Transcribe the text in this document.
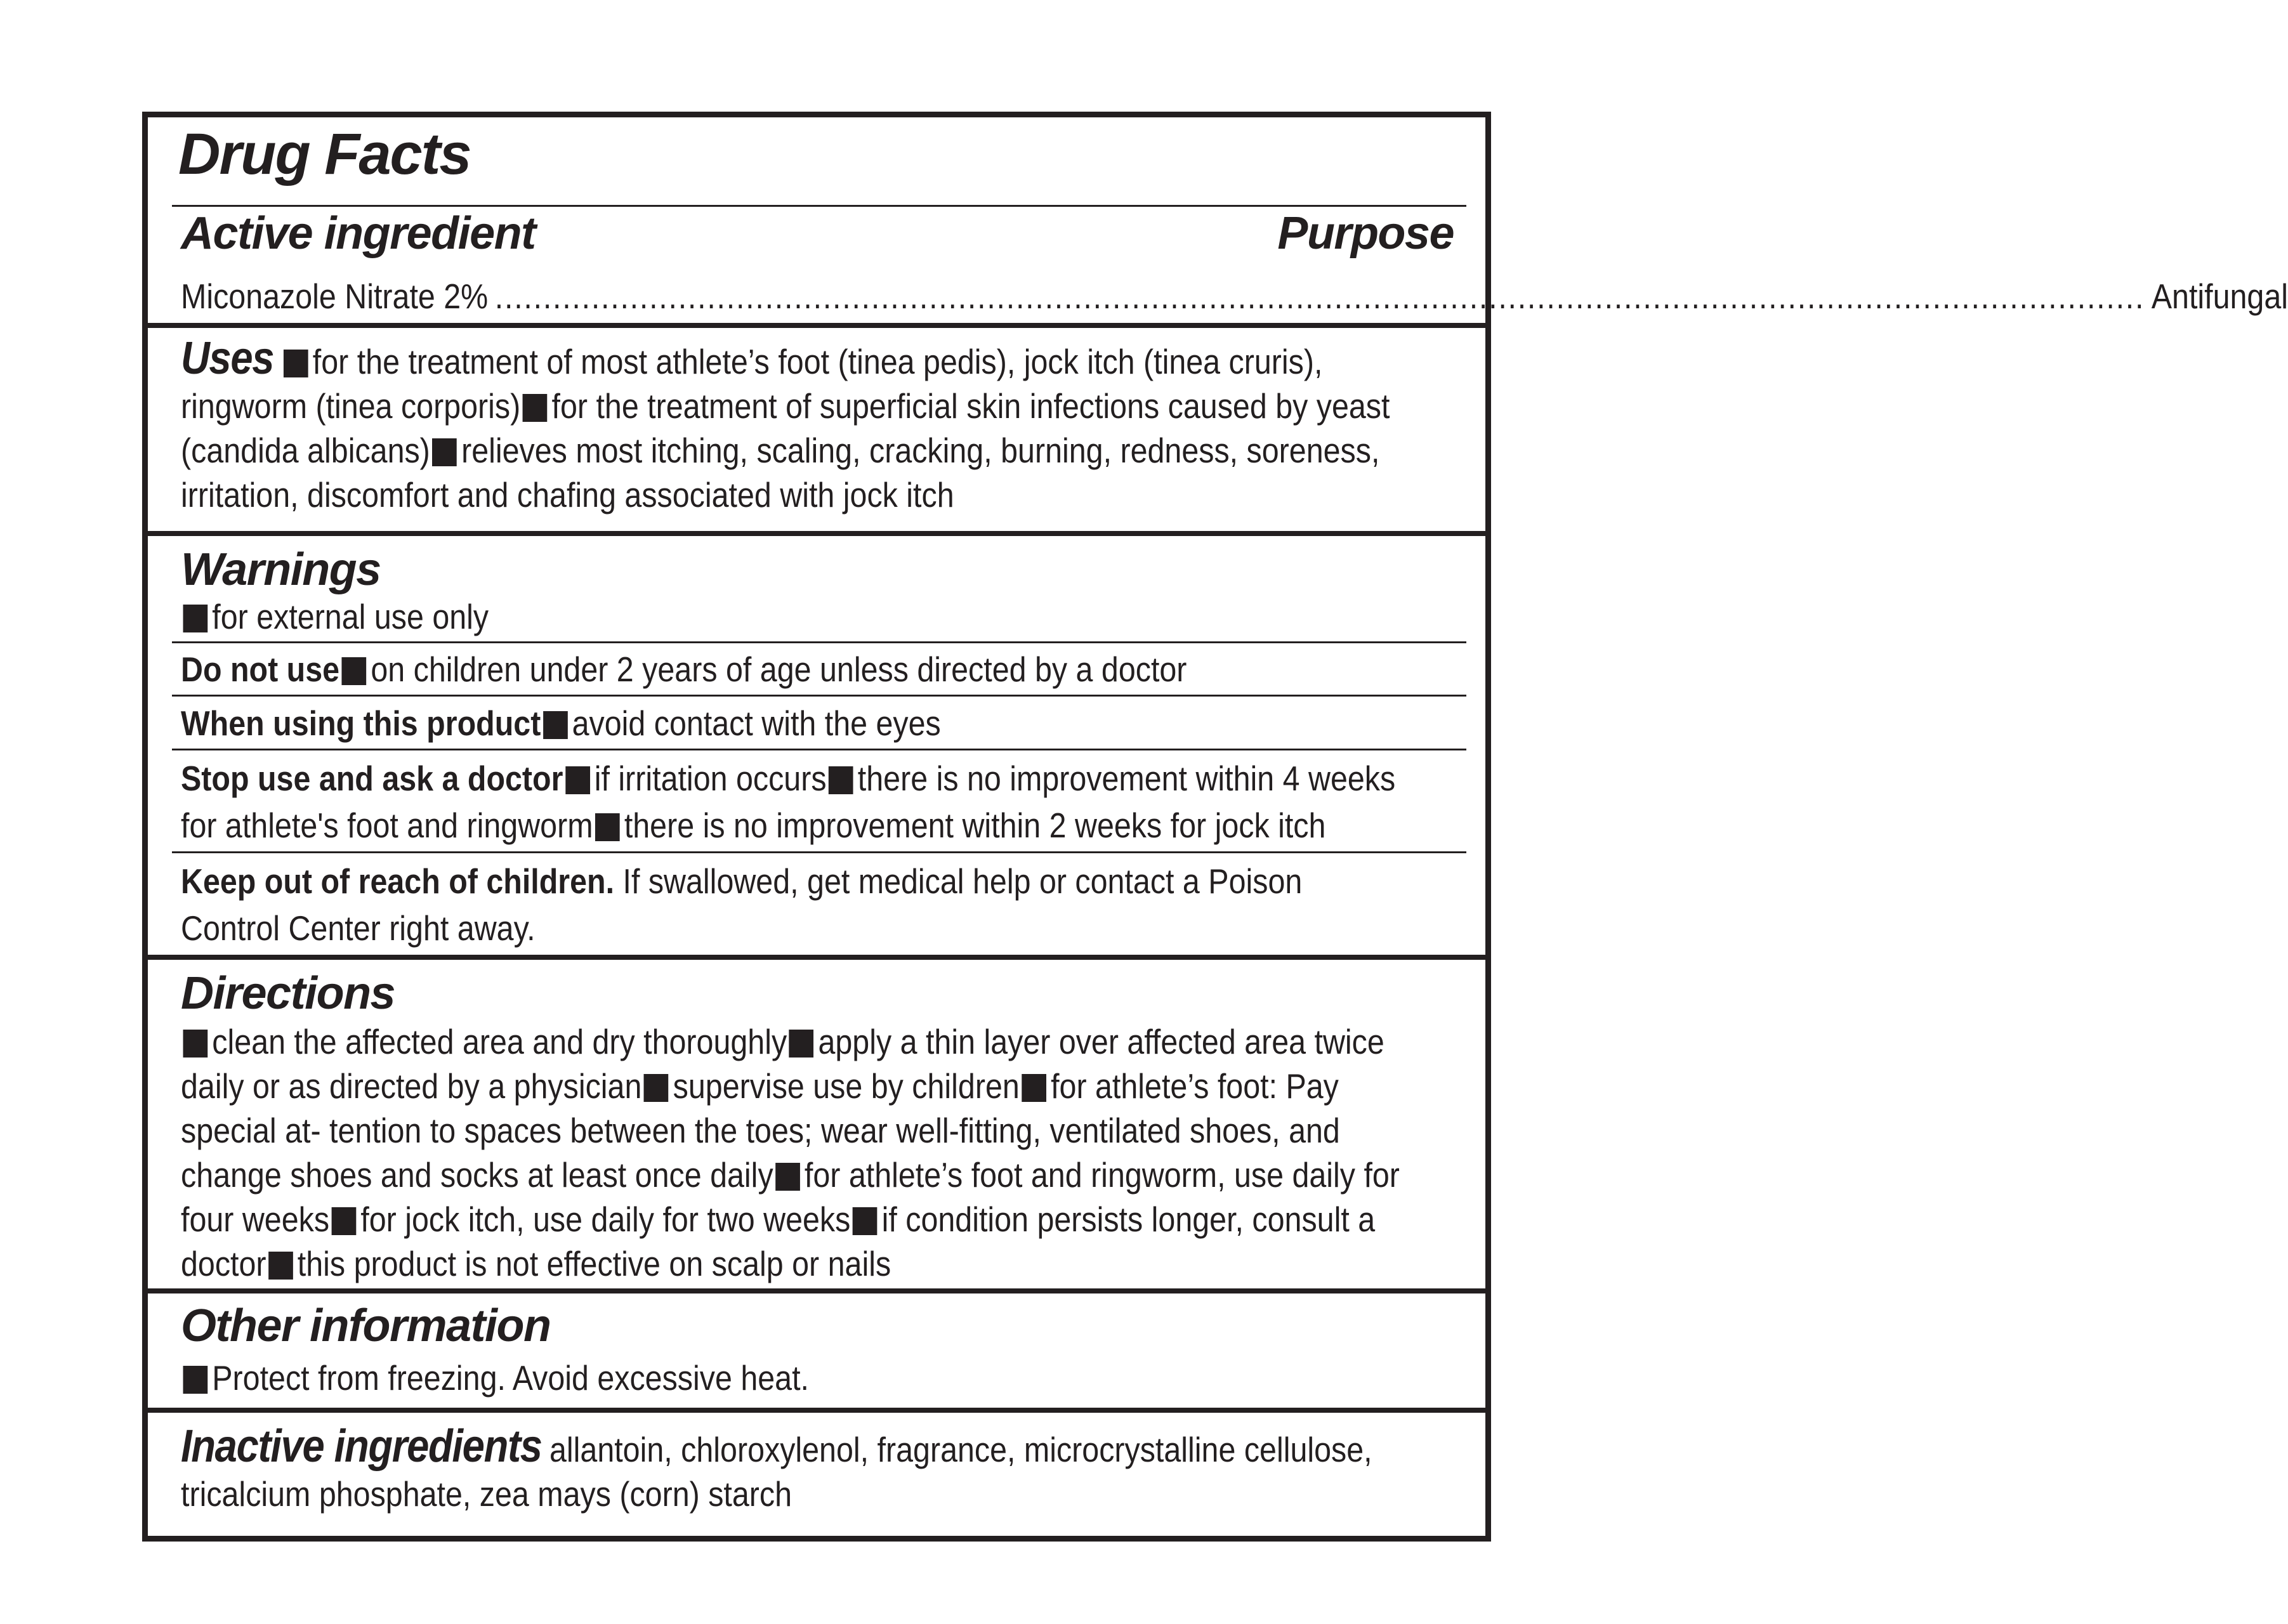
Drug Facts
Active ingredient	Purpose
Miconazole Nitrate 2% ........................................................................................................................................................................... Antifungal
Uses for the treatment of most athlete’s foot (tinea pedis), jock itch (tinea cruris), ringworm (tinea corporis) for the treatment of superficial skin infections caused by yeast (candida albicans) relieves most itching, scaling, cracking, burning, redness, soreness, irritation, discomfort and chafing associated with jock itch
Warnings
for external use only
Do not use on children under 2 years of age unless directed by a doctor
When using this product avoid contact with the eyes
Stop use and ask a doctor if irritation occurs there is no improvement within 4 weeks for athlete's foot and ringworm there is no improvement within 2 weeks for jock itch
Keep out of reach of children. If swallowed, get medical help or contact a Poison Control Center right away.
Directions
clean the affected area and dry thoroughly apply a thin layer over affected area twice daily or as directed by a physician supervise use by children for athlete’s foot: Pay special at- tention to spaces between the toes; wear well-fitting, ventilated shoes, and change shoes and socks at least once daily for athlete’s foot and ringworm, use daily for four weeks for jock itch, use daily for two weeks if condition persists longer, consult a doctor this product is not effective on scalp or nails
Other information
Protect from freezing. Avoid excessive heat.
Inactive ingredients allantoin, chloroxylenol, fragrance, microcrystalline cellulose, tricalcium phosphate, zea mays (corn) starch
